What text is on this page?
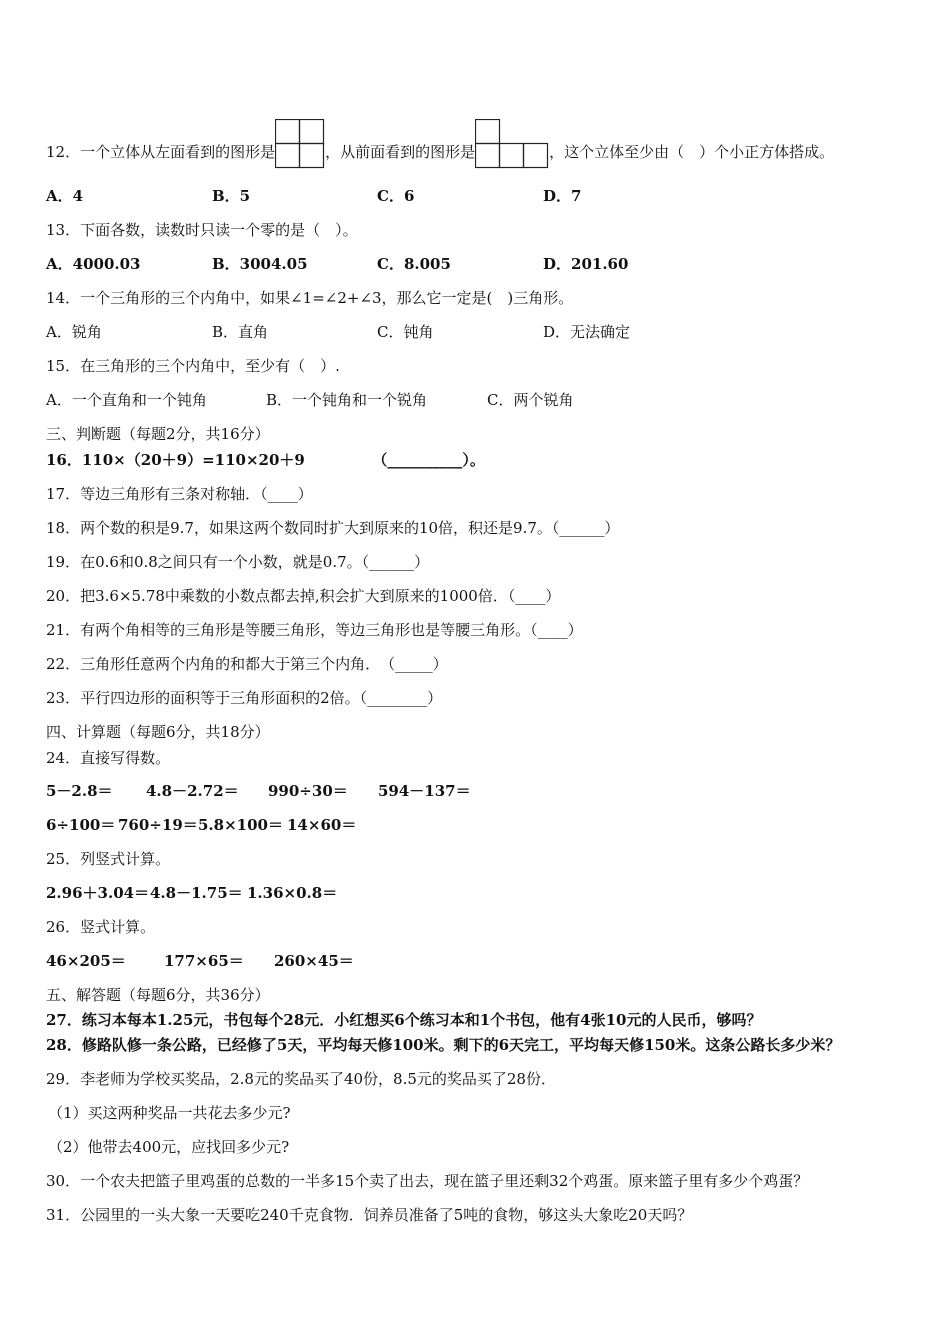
12．一个立体从左面看到的图形是	，从前面看到的图形是	，这个立体至少由（　）个小正方体搭成。
A．4	B．5	C．6	D．7
13．下面各数，读数时只读一个零的是（　）。
A．4000.03	B．3004.05	C．8.005	D．201.60
14．一个三角形的三个内角中，如果∠1=∠2+∠3，那么它一定是(　)三角形。
A．锐角	B．直角	C．钝角	D．无法确定
15．在三角形的三个内角中，至少有（　）.
A．一个直角和一个钝角	B．一个钝角和一个锐角	C．两个锐角
三、判断题（每题2分，共16分）
16．110×（20＋9）=110×20＋9　　　　　（__________）。
17．等边三角形有三条对称轴．（____）
18．两个数的积是9.7，如果这两个数同时扩大到原来的10倍，积还是9.7。（______）
19．在0.6和0.8之间只有一个小数，就是0.7。（______）
20．把3.6×5.78中乘数的小数点都去掉,积会扩大到原来的1000倍．（____）
21．有两个角相等的三角形是等腰三角形，等边三角形也是等腰三角形。（____）
22．三角形任意两个内角的和都大于第三个内角．　（_____）
23．平行四边形的面积等于三角形面积的2倍。（________）
四、计算题（每题6分，共18分）
24．直接写得数。
5－2.8＝ 4.8－2.72＝ 990÷30＝ 594－137＝
6÷100＝ 760÷19＝ 5.8×100＝ 14×60＝
25．列竖式计算。
2.96＋3.04＝ 4.8－1.75＝ 1.36×0.8＝
26．竖式计算。
46×205＝	177×65＝ 260×45＝
五、解答题（每题6分，共36分）
27．练习本每本1.25元，书包每个28元．小红想买6个练习本和1个书包，他有4张10元的人民币，够吗？
28．修路队修一条公路，已经修了5天，平均每天修100米。剩下的6天完工，平均每天修150米。这条公路长多少米？
29．李老师为学校买奖品，2.8元的奖品买了40份，8.5元的奖品买了28份．
（1）买这两种奖品一共花去多少元?
（2）他带去400元，应找回多少元?
30．一个农夫把篮子里鸡蛋的总数的一半多15个卖了出去，现在篮子里还剩32个鸡蛋。原来篮子里有多少个鸡蛋？
31．公园里的一头大象一天要吃240千克食物．饲养员准备了5吨的食物，够这头大象吃20天吗？
